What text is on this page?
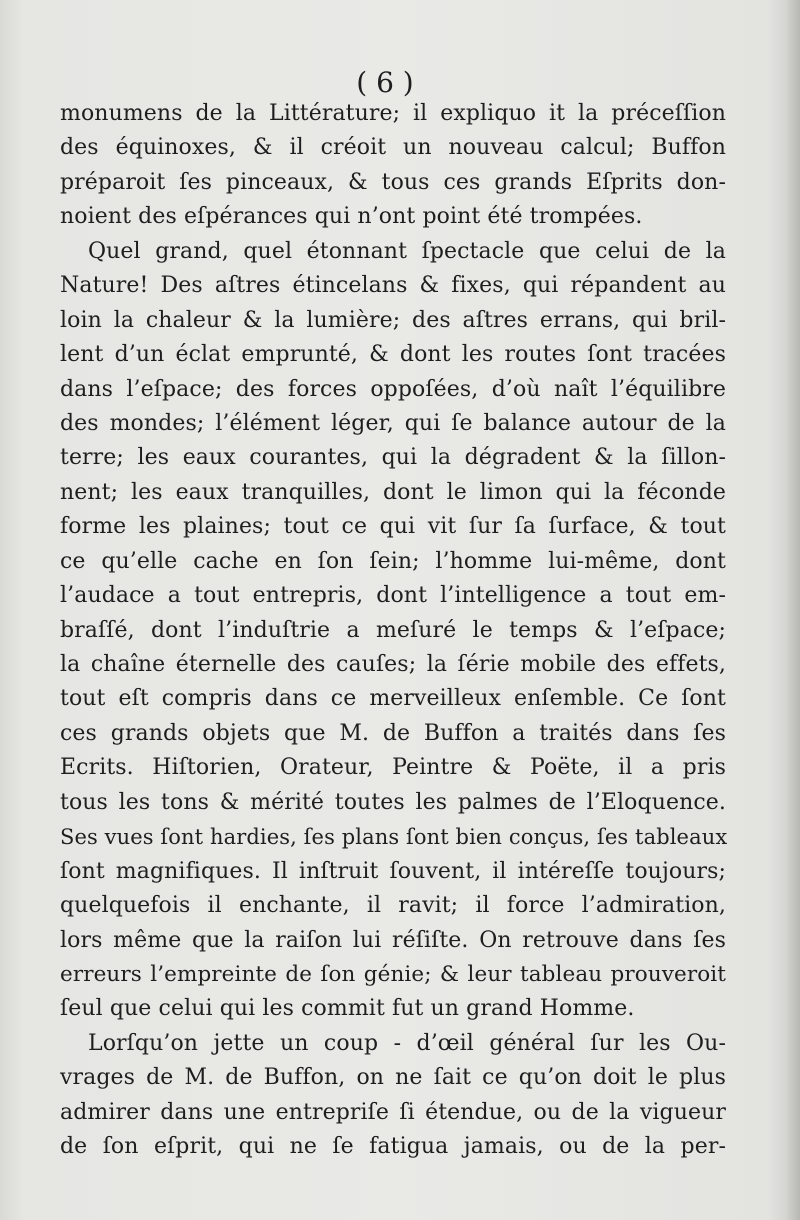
( 6 )
monumens de la Littérature; il expliquo it la préceſſion
des équinoxes, & il créoit un nouveau calcul; Buffon
préparoit ſes pinceaux, & tous ces grands Eſprits don-
noient des eſpérances qui n’ont point été trompées.
Quel grand, quel étonnant ſpectacle que celui de la
Nature! Des aſtres étincelans & fixes, qui répandent au
loin la chaleur & la lumière; des aſtres errans, qui bril-
lent d’un éclat emprunté, & dont les routes ſont tracées
dans l’eſpace; des forces oppoſées, d’où naît l’équilibre
des mondes; l’élément léger, qui ſe balance autour de la
terre; les eaux courantes, qui la dégradent & la ſillon-
nent; les eaux tranquilles, dont le limon qui la féconde
forme les plaines; tout ce qui vit ſur ſa ſurface, & tout
ce qu’elle cache en ſon ſein; l’homme lui-même, dont
l’audace a tout entrepris, dont l’intelligence a tout em-
braſſé, dont l’induſtrie a meſuré le temps & l’eſpace;
la chaîne éternelle des cauſes; la ſérie mobile des effets,
tout eſt compris dans ce merveilleux enſemble. Ce ſont
ces grands objets que M. de Buffon a traités dans ſes
Ecrits. Hiſtorien, Orateur, Peintre & Poëte, il a pris
tous les tons & mérité toutes les palmes de l’Eloquence.
Ses vues ſont hardies, ſes plans ſont bien conçus, ſes tableaux
ſont magnifiques. Il inſtruit ſouvent, il intéreſſe toujours;
quelquefois il enchante, il ravit; il force l’admiration,
lors même que la raiſon lui réſiſte. On retrouve dans ſes
erreurs l’empreinte de ſon génie; & leur tableau prouveroit
ſeul que celui qui les commit fut un grand Homme.
Lorſqu’on jette un coup - d’œil général ſur les Ou-
vrages de M. de Buffon, on ne ſait ce qu’on doit le plus
admirer dans une entrepriſe ſi étendue, ou de la vigueur
de ſon eſprit, qui ne ſe fatigua jamais, ou de la per-
